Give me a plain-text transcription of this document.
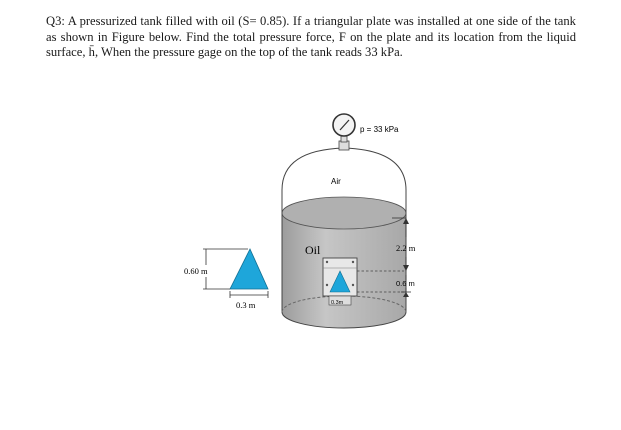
Q3: A pressurized tank filled with oil (S= 0.85). If a triangular plate was installed at one side of the tank as shown in Figure below. Find the total pressure force, F on the plate and its location from the liquid surface, h̄, When the pressure gage on the top of the tank reads 33 kPa.
p = 33 kPa
Air
Oil
0.3m
2.2 m
0.6 m
0.60 m
0.3 m
